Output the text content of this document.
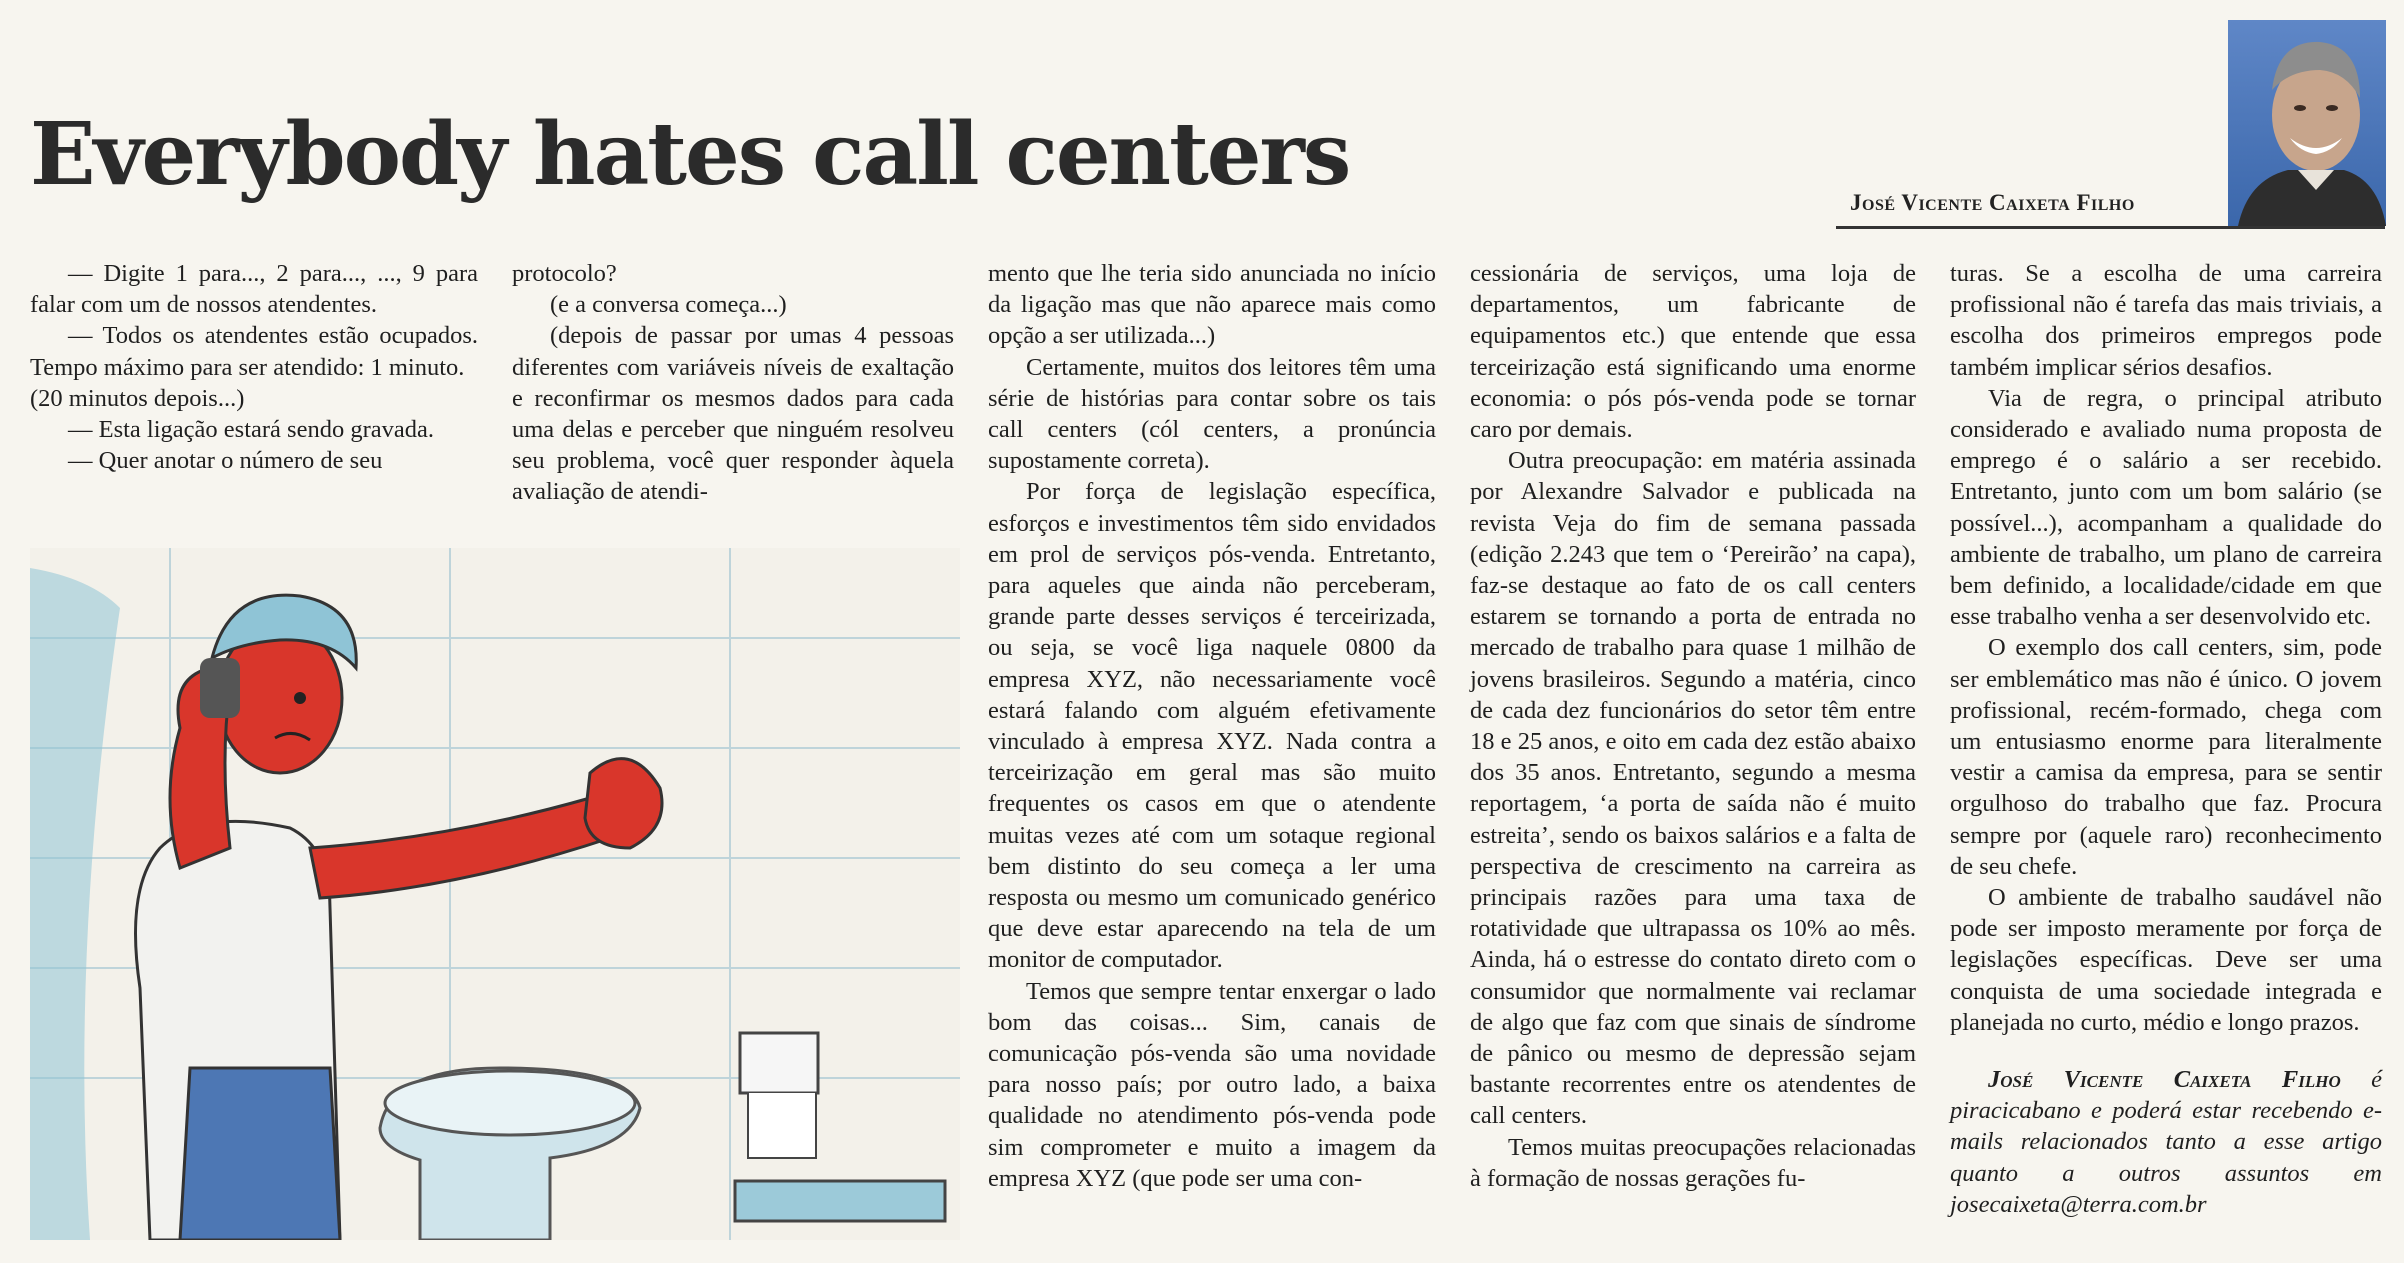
Everybody hates call centers	José Vicente Caixeta Filho

— Digite 1 para..., 2 para..., ..., 9 para falar com um de nossos atendentes.

— Todos os atendentes estão ocupados. Tempo máximo para ser atendido: 1 minuto.

(20 minutos depois...)

— Esta ligação estará sendo gravada.

— Quer anotar o número de seu

protocolo?

(e a conversa começa...)

(depois de passar por umas 4 pessoas diferentes com variáveis níveis de exaltação e reconfirmar os mesmos dados para cada uma delas e perceber que ninguém resolveu seu problema, você quer responder àquela avaliação de atendi-

mento que lhe teria sido anunciada no início da ligação mas que não aparece mais como opção a ser utilizada...)

Certamente, muitos dos leitores têm uma série de histórias para contar sobre os tais call centers (cól centers, a pronúncia supostamente correta).

Por força de legislação específica, esforços e investimentos têm sido envidados em prol de serviços pós-venda. Entretanto, para aqueles que ainda não perceberam, grande parte desses serviços é terceirizada, ou seja, se você liga naquele 0800 da empresa XYZ, não necessariamente você estará falando com alguém efetivamente vinculado à empresa XYZ. Nada contra a terceirização em geral mas são muito frequentes os casos em que o atendente muitas vezes até com um sotaque regional bem distinto do seu começa a ler uma resposta ou mesmo um comunicado genérico que deve estar aparecendo na tela de um monitor de computador.

Temos que sempre tentar enxergar o lado bom das coisas... Sim, canais de comunicação pós-venda são uma novidade para nosso país; por outro lado, a baixa qualidade no atendimento pós-venda pode sim comprometer e muito a imagem da empresa XYZ (que pode ser uma con-

cessionária de serviços, uma loja de departamentos, um fabricante de equipamentos etc.) que entende que essa terceirização está significando uma enorme economia: o pós pós-venda pode se tornar caro por demais.

Outra preocupação: em matéria assinada por Alexandre Salvador e publicada na revista Veja do fim de semana passada (edição 2.243 que tem o ‘Pereirão’ na capa), faz-se destaque ao fato de os call centers estarem se tornando a porta de entrada no mercado de trabalho para quase 1 milhão de jovens brasileiros. Segundo a matéria, cinco de cada dez funcionários do setor têm entre 18 e 25 anos, e oito em cada dez estão abaixo dos 35 anos. Entretanto, segundo a mesma reportagem, ‘a porta de saída não é muito estreita’, sendo os baixos salários e a falta de perspectiva de crescimento na carreira as principais razões para uma taxa de rotatividade que ultrapassa os 10% ao mês. Ainda, há o estresse do contato direto com o consumidor que normalmente vai reclamar de algo que faz com que sinais de síndrome de pânico ou mesmo de depressão sejam bastante recorrentes entre os atendentes de call centers.

Temos muitas preocupações relacionadas à formação de nossas gerações fu-

turas. Se a escolha de uma carreira profissional não é tarefa das mais triviais, a escolha dos primeiros empregos pode também implicar sérios desafios.

Via de regra, o principal atributo considerado e avaliado numa proposta de emprego é o salário a ser recebido. Entretanto, junto com um bom salário (se possível...), acompanham a qualidade do ambiente de trabalho, um plano de carreira bem definido, a localidade/cidade em que esse trabalho venha a ser desenvolvido etc.

O exemplo dos call centers, sim, pode ser emblemático mas não é único. O jovem profissional, recém-formado, chega com um entusiasmo enorme para literalmente vestir a camisa da empresa, para se sentir orgulhoso do trabalho que faz. Procura sempre por (aquele raro) reconhecimento de seu chefe.

O ambiente de trabalho saudável não pode ser imposto meramente por força de legislações específicas. Deve ser uma conquista de uma sociedade integrada e planejada no curto, médio e longo prazos.

José Vicente Caixeta Filho é piracicabano e poderá estar recebendo e-mails relacionados tanto a esse artigo quanto a outros assuntos em josecaixeta@terra.com.br
